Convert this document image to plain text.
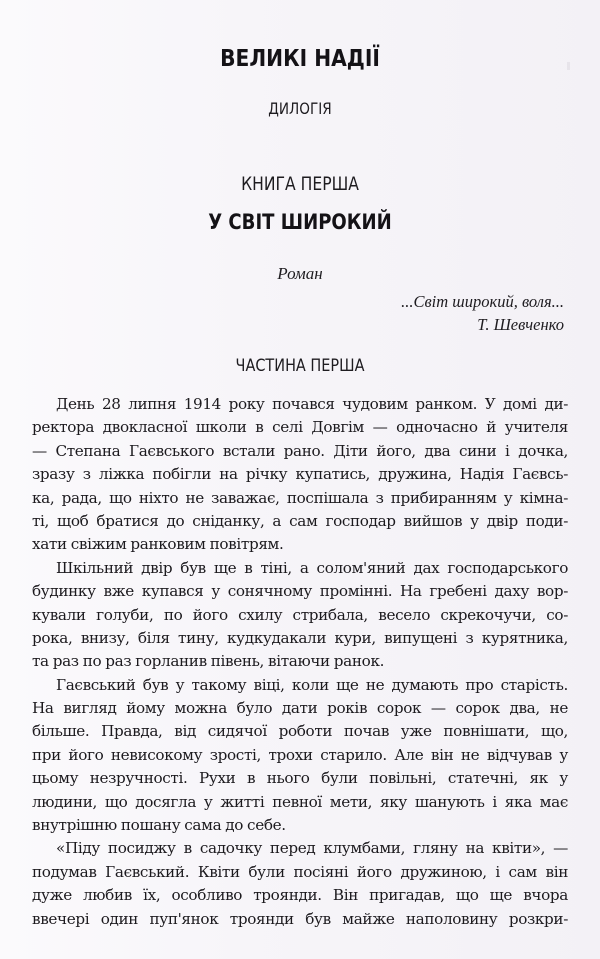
ВЕЛИКІ НАДІЇ
ДИЛОГІЯ
КНИГА ПЕРША
У СВІТ ШИРОКИЙ
Роман
...Світ широкий, воля...
Т. Шевченко
ЧАСТИНА ПЕРША
День 28 липня 1914 року почався чудовим ранком. У домі ди-
ректора двокласної школи в селі Довгім — одночасно й учителя
— Степана Гаєвського встали рано. Діти його, два сини і дочка,
зразу з ліжка побігли на річку купатись, дружина, Надія Гаєвсь-
ка, рада, що ніхто не заважає, поспішала з прибиранням у кімна-
ті, щоб братися до сніданку, а сам господар вийшов у двір поди-
хати свіжим ранковим повітрям.
Шкільний двір був ще в тіні, а солом'яний дах господарського
будинку вже купався у сонячному промінні. На гребені даху вор-
кували голуби, по його схилу стрибала, весело скрекочучи, со-
рока, внизу, біля тину, кудкудакали кури, випущені з курятника,
та раз по раз горланив півень, вітаючи ранок.
Гаєвський був у такому віці, коли ще не думають про старість.
На вигляд йому можна було дати років сорок — сорок два, не
більше. Правда, від сидячої роботи почав уже повнішати, що,
при його невисокому зрості, трохи старило. Але він не відчував у
цьому незручності. Рухи в нього були повільні, статечні, як у
людини, що досягла у житті певної мети, яку шанують і яка має
внутрішню пошану сама до себе.
«Піду посиджу в садочку перед клумбами, гляну на квіти», —
подумав Гаєвський. Квіти були посіяні його дружиною, і сам він
дуже любив їх, особливо троянди. Він пригадав, що ще вчора
ввечері один пуп'янок троянди був майже наполовину розкри-
